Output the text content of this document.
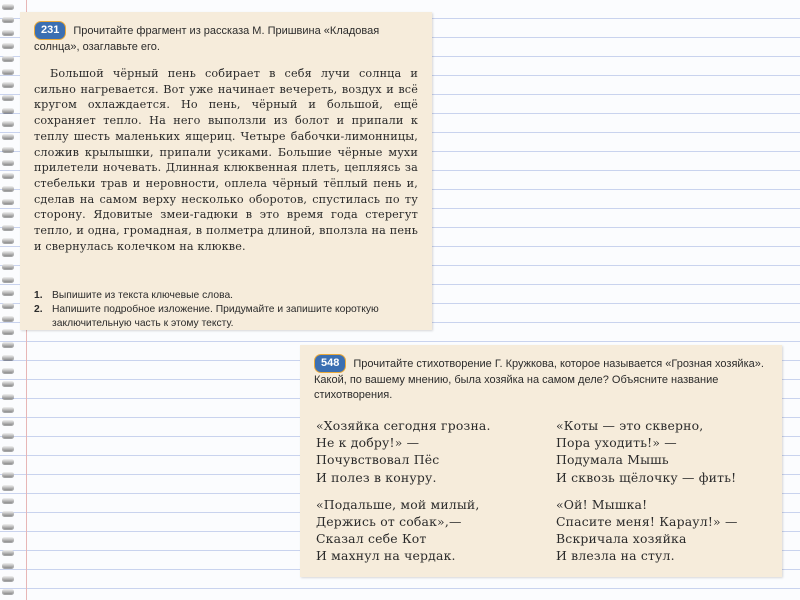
231 Прочитайте фрагмент из рассказа М. Пришвина «Кладовая солнца», озаглавьте его.

Большой чёрный пень собирает в себя лучи солнца и сильно нагревается. Вот уже начинает вечереть, воздух и всё кругом охлаждается. Но пень, чёрный и большой, ещё сохраняет тепло. На него выползли из болот и припали к теплу шесть маленьких ящериц. Четыре бабочки-лимонницы, сложив крылышки, припали усиками. Большие чёрные мухи прилетели ночевать. Длинная клюквенная плеть, цепляясь за стебельки трав и неровности, оплела чёрный тёплый пень и, сделав на самом верху несколько оборотов, спустилась по ту сторону. Ядовитые змеи-гадюки в это время года стерегут тепло, и одна, громадная, в полметра длиной, вползла на пень и свернулась колечком на клюкве.

1. Выпишите из текста ключевые слова.
2. Напишите подробное изложение. Придумайте и запишите короткую заключительную часть к этому тексту.
548 Прочитайте стихотворение Г. Кружкова, которое называется «Грозная хозяйка». Какой, по вашему мнению, была хозяйка на самом деле? Объясните название стихотворения.
«Хозяйка сегодня грозна.
Не к добру!» —
Почувствовал Пёс
И полез в конуру.
«Подальше, мой милый,
Держись от собак»,—
Сказал себе Кот
И махнул на чердак.
«Коты — это скверно,
Пора уходить!» —
Подумала Мышь
И сквозь щёлочку — фить!
«Ой! Мышка!
Спасите меня! Караул!» —
Вскричала хозяйка
И влезла на стул.
